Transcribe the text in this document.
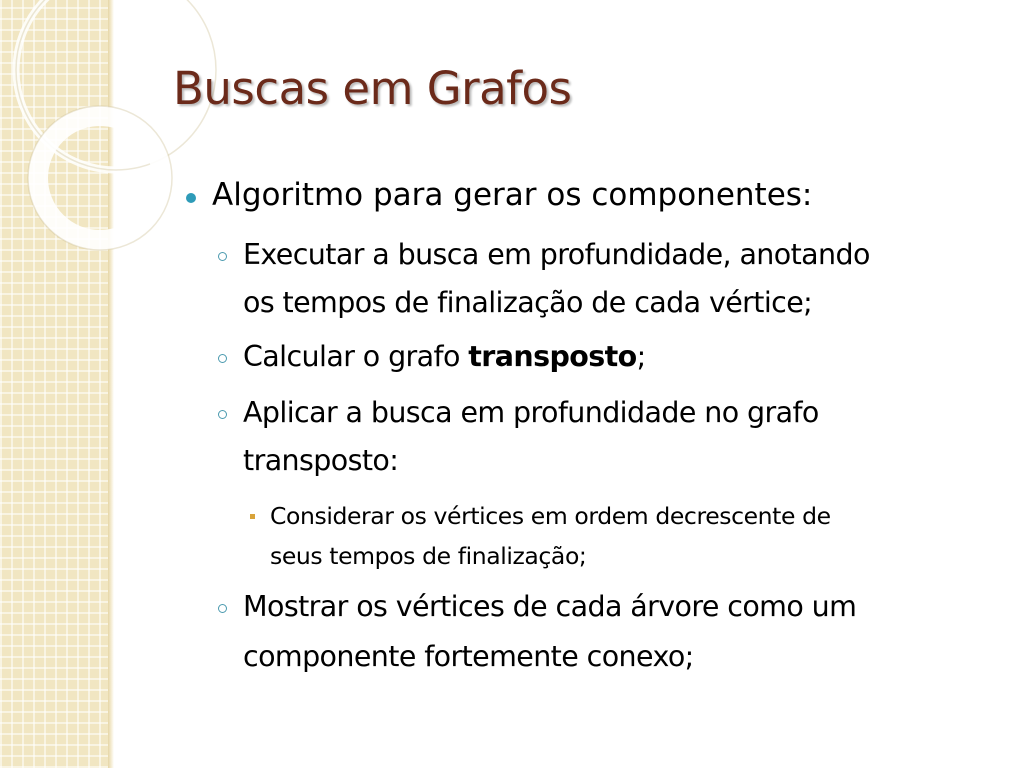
Buscas em Grafos

Algoritmo para gerar os componentes:

Executar a busca em profundidade, anotando

os tempos de finalização de cada vértice;

Calcular o grafo transposto;

Aplicar a busca em profundidade no grafo

transposto:

Considerar os vértices em ordem decrescente de

seus tempos de finalização;

Mostrar os vértices de cada árvore como um

componente fortemente conexo;
